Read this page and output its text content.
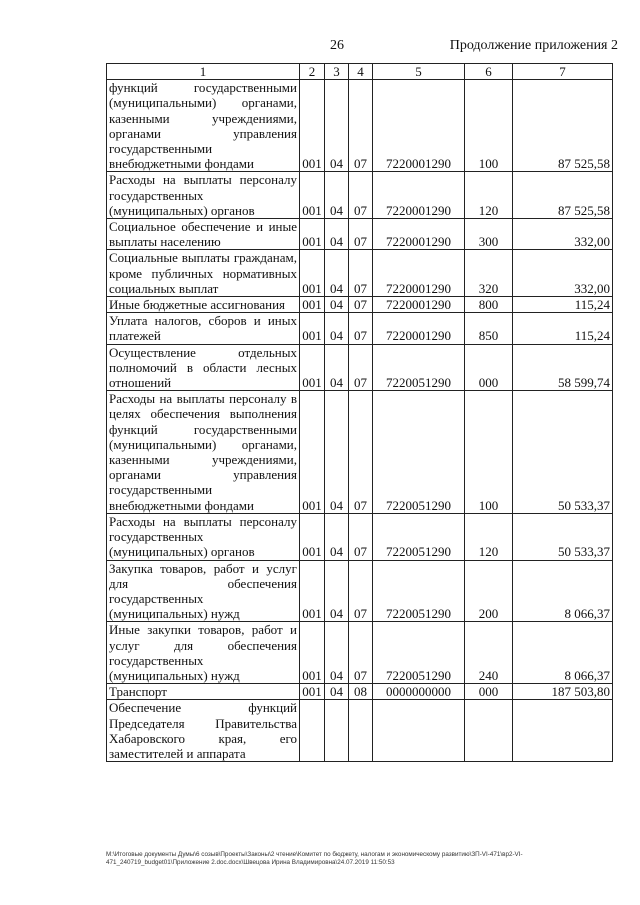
26	Продолжение приложения 2
1	2	3	4	5	6	7
функций государственными (муниципальными) органами, казенными учреждениями, органами управления государственными внебюджетными фондами	001	04	07	7220001290	100	87 525,58
Расходы на выплаты персоналу государственных (муниципальных) органов	001	04	07	7220001290	120	87 525,58
Социальное обеспечение и иные выплаты населению	001	04	07	7220001290	300	332,00
Социальные выплаты гражданам, кроме публичных нормативных социальных выплат	001	04	07	7220001290	320	332,00
Иные бюджетные ассигнования	001	04	07	7220001290	800	115,24
Уплата налогов, сборов и иных платежей	001	04	07	7220001290	850	115,24
Осуществление отдельных полномочий в области лесных отношений	001	04	07	7220051290	000	58 599,74
Расходы на выплаты персоналу в целях обеспечения выполнения функций государственными (муниципальными) органами, казенными учреждениями, органами управления государственными внебюджетными фондами	001	04	07	7220051290	100	50 533,37
Расходы на выплаты персоналу государственных (муниципальных) органов	001	04	07	7220051290	120	50 533,37
Закупка товаров, работ и услуг для обеспечения государственных (муниципальных) нужд	001	04	07	7220051290	200	8 066,37
Иные закупки товаров, работ и услуг для обеспечения государственных (муниципальных) нужд	001	04	07	7220051290	240	8 066,37
Транспорт	001	04	08	0000000000	000	187 503,80
Обеспечение функций Председателя Правительства Хабаровского края, его заместителей и аппарата						
M:\Итоговые документы Думы\6 созыв\Проекты\Законы\2 чтение\Комитет по бюджету, налогам и экономическому развитию\ЗП-VI-471\вр2-VI-471_240719_budget01\Приложение 2.doc.docx\Швецова Ирина Владимировна\24.07.2019 11:50:53
